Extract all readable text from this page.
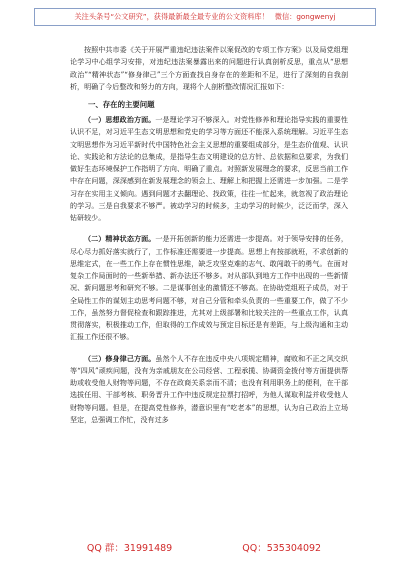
关注头条号“公文研究”，获得最新最全最专业的公文资料库！ 微信：gongwenyj

按照中共市委《关于开展严重违纪违法案件以案促改的专项工作方案》以及局党组理论学习中心组学习安排，对违纪违法案暴露出来的问题进行认真剖析反思，重点从“思想政治”“精神状态”“修身律己”三个方面查找自身存在的差距和不足，进行了深刻的自我剖析，明确了今后整改和努力的方向，现将个人剖析整改情况汇报如下：

一、存在的主要问题

（一）思想政治方面。一是理论学习不够深入。对党性修养和理论指导实践的重要性认识不足，对习近平生态文明思想和党史的学习等方面还不能深入系统理解。习近平生态文明思想作为习近平新时代中国特色社会主义思想的重要组成部分，是生态价值观、认识论、实践论和方法论的总集成，是指导生态文明建设的总方针、总依据和总要求，为我们做好生态环境保护工作指明了方向、明确了重点。对照新发展理念的要求，反思当前工作中存在问题，深深感到在新发展理念的领会上、理解上和把握上还需进一步加强。二是学习存在实用主义倾向。遇到问题才去翻理论、找政策，往往一忙起来，就忽视了政治理论的学习。三是自我要求不够严。被动学习的时候多，主动学习的时候少，泛泛而学，深入钻研较少。

（二）精神状态方面。一是开拓创新的能力还需进一步提高。对于领导安排的任务，尽心尽力抓好落实就行了，工作标准还需要进一步提高。思想上有按部就班，不求创新的思维定式，在一些工作上存在惯性思维，缺乏攻坚克难的志气、敢闯敢干的勇气。在面对复杂工作局面时的一些新举措、新办法还不够多。对从部队到地方工作中出现的一些新情况、新问题思考和研究不够。二是谋事创业的激情还不够高。在协助党组班子成员，对于全局性工作的谋划主动思考问题不够，对自己分管和牵头负责的一些重要工作，做了不少工作，虽然努力督促检查和跟踪推进，尤其对上级部署和比较关注的一些重点工作，认真贯彻落实，积极推动工作，但取得的工作成效与预定目标还是有差距，与上级沟通和主动汇报工作还很不够。

（三）修身律己方面。虽然个人不存在违反中央八项规定精神，腐败和不正之风交织等“四风”顽疾问题，没有为亲戚朋友在公司经营、工程承揽、协调资金拨付等方面提供帮助或收受他人财物等问题，不存在政商关系亲而不清；也没有利用职务上的便利，在干部选拔任用、干部考核、职务晋升工作中违反规定拉票打招呼，为他人谋取利益并收受他人财物等问题。但是，在提高党性修养，潜意识里有“吃老本”的思想，认为自己政治上立场坚定，总强调工作忙，没有过多

QQ 群：31991489	QQ：535304092
